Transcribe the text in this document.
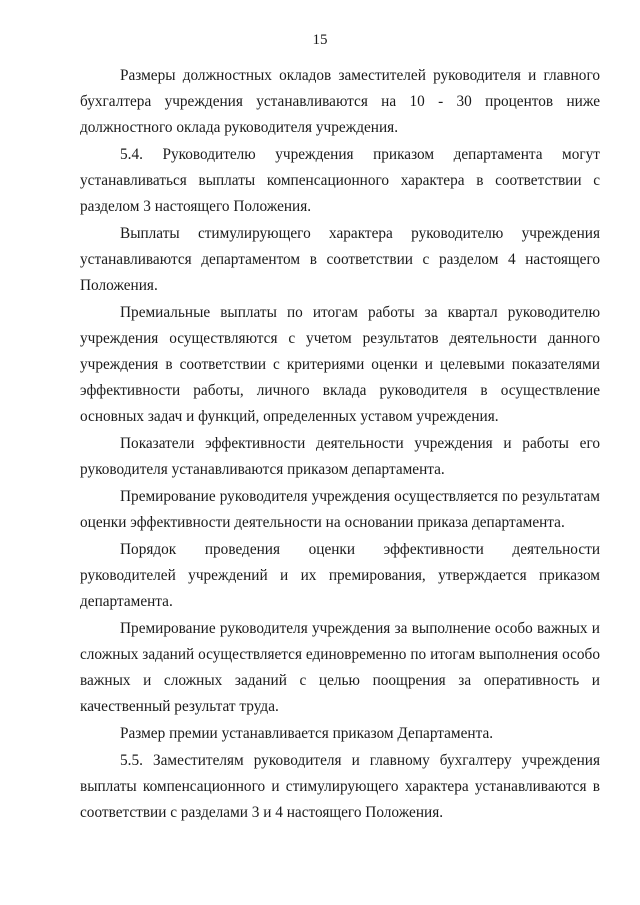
15

Размеры должностных окладов заместителей руководителя и главного бухгалтера учреждения устанавливаются на 10 - 30 процентов ниже должностного оклада руководителя учреждения.

5.4. Руководителю учреждения приказом департамента могут устанавливаться выплаты компенсационного характера в соответствии с разделом 3 настоящего Положения.

Выплаты стимулирующего характера руководителю учреждения устанавливаются департаментом в соответствии с разделом 4 настоящего Положения.

Премиальные выплаты по итогам работы за квартал руководителю учреждения осуществляются с учетом результатов деятельности данного учреждения в соответствии с критериями оценки и целевыми показателями эффективности работы, личного вклада руководителя в осуществление основных задач и функций, определенных уставом учреждения.

Показатели эффективности деятельности учреждения и работы его руководителя устанавливаются приказом департамента.

Премирование руководителя учреждения осуществляется по результатам оценки эффективности деятельности на основании приказа департамента.

Порядок проведения оценки эффективности деятельности руководителей учреждений и их премирования, утверждается приказом департамента.

Премирование руководителя учреждения за выполнение особо важных и сложных заданий осуществляется единовременно по итогам выполнения особо важных и сложных заданий с целью поощрения за оперативность и качественный результат труда.

Размер премии устанавливается приказом Департамента.

5.5. Заместителям руководителя и главному бухгалтеру учреждения выплаты компенсационного и стимулирующего характера устанавливаются в соответствии с разделами 3 и 4 настоящего Положения.
